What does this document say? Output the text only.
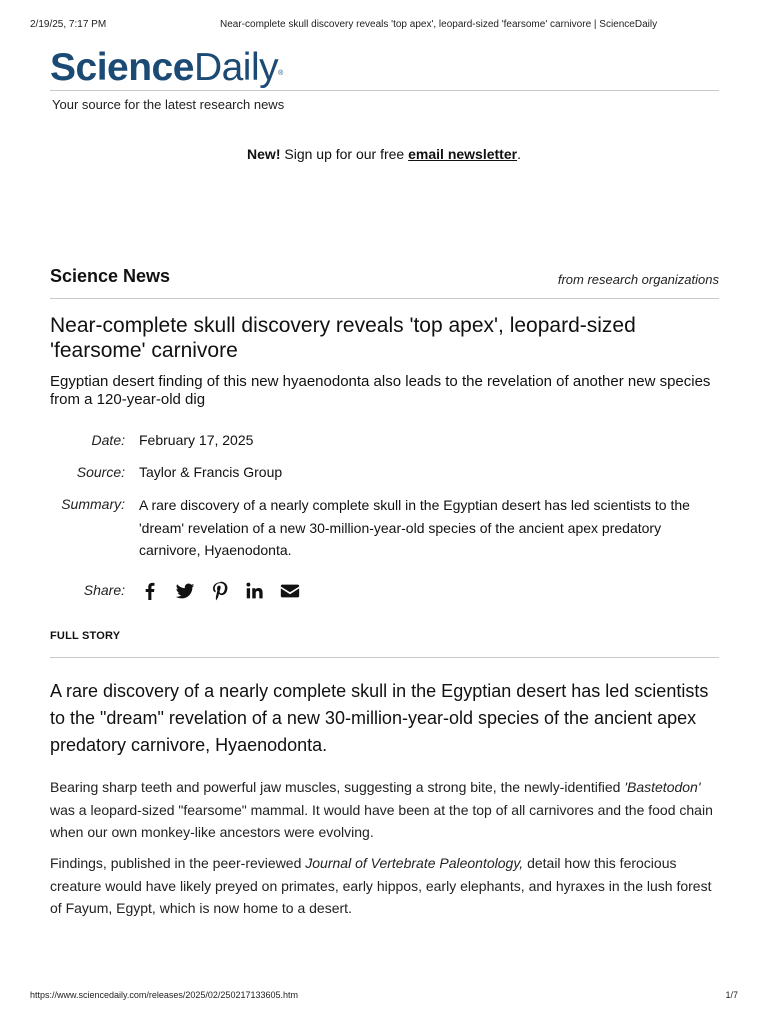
2/19/25, 7:17 PM	Near-complete skull discovery reveals 'top apex', leopard-sized 'fearsome' carnivore | ScienceDaily
ScienceDaily®
Your source for the latest research news
New! Sign up for our free email newsletter.
Science News	from research organizations
Near-complete skull discovery reveals 'top apex', leopard-sized 'fearsome' carnivore
Egyptian desert finding of this new hyaenodonta also leads to the revelation of another new species from a 120-year-old dig
Date: February 17, 2025
Source: Taylor & Francis Group
Summary: A rare discovery of a nearly complete skull in the Egyptian desert has led scientists to the 'dream' revelation of a new 30-million-year-old species of the ancient apex predatory carnivore, Hyaenodonta.
Share:
FULL STORY

A rare discovery of a nearly complete skull in the Egyptian desert has led scientists to the "dream" revelation of a new 30-million-year-old species of the ancient apex predatory carnivore, Hyaenodonta.

Bearing sharp teeth and powerful jaw muscles, suggesting a strong bite, the newly-identified 'Bastetodon' was a leopard-sized "fearsome" mammal. It would have been at the top of all carnivores and the food chain when our own monkey-like ancestors were evolving.

Findings, published in the peer-reviewed Journal of Vertebrate Paleontology, detail how this ferocious creature would have likely preyed on primates, early hippos, early elephants, and hyraxes in the lush forest of Fayum, Egypt, which is now home to a desert.

https://www.sciencedaily.com/releases/2025/02/250217133605.htm	1/7
